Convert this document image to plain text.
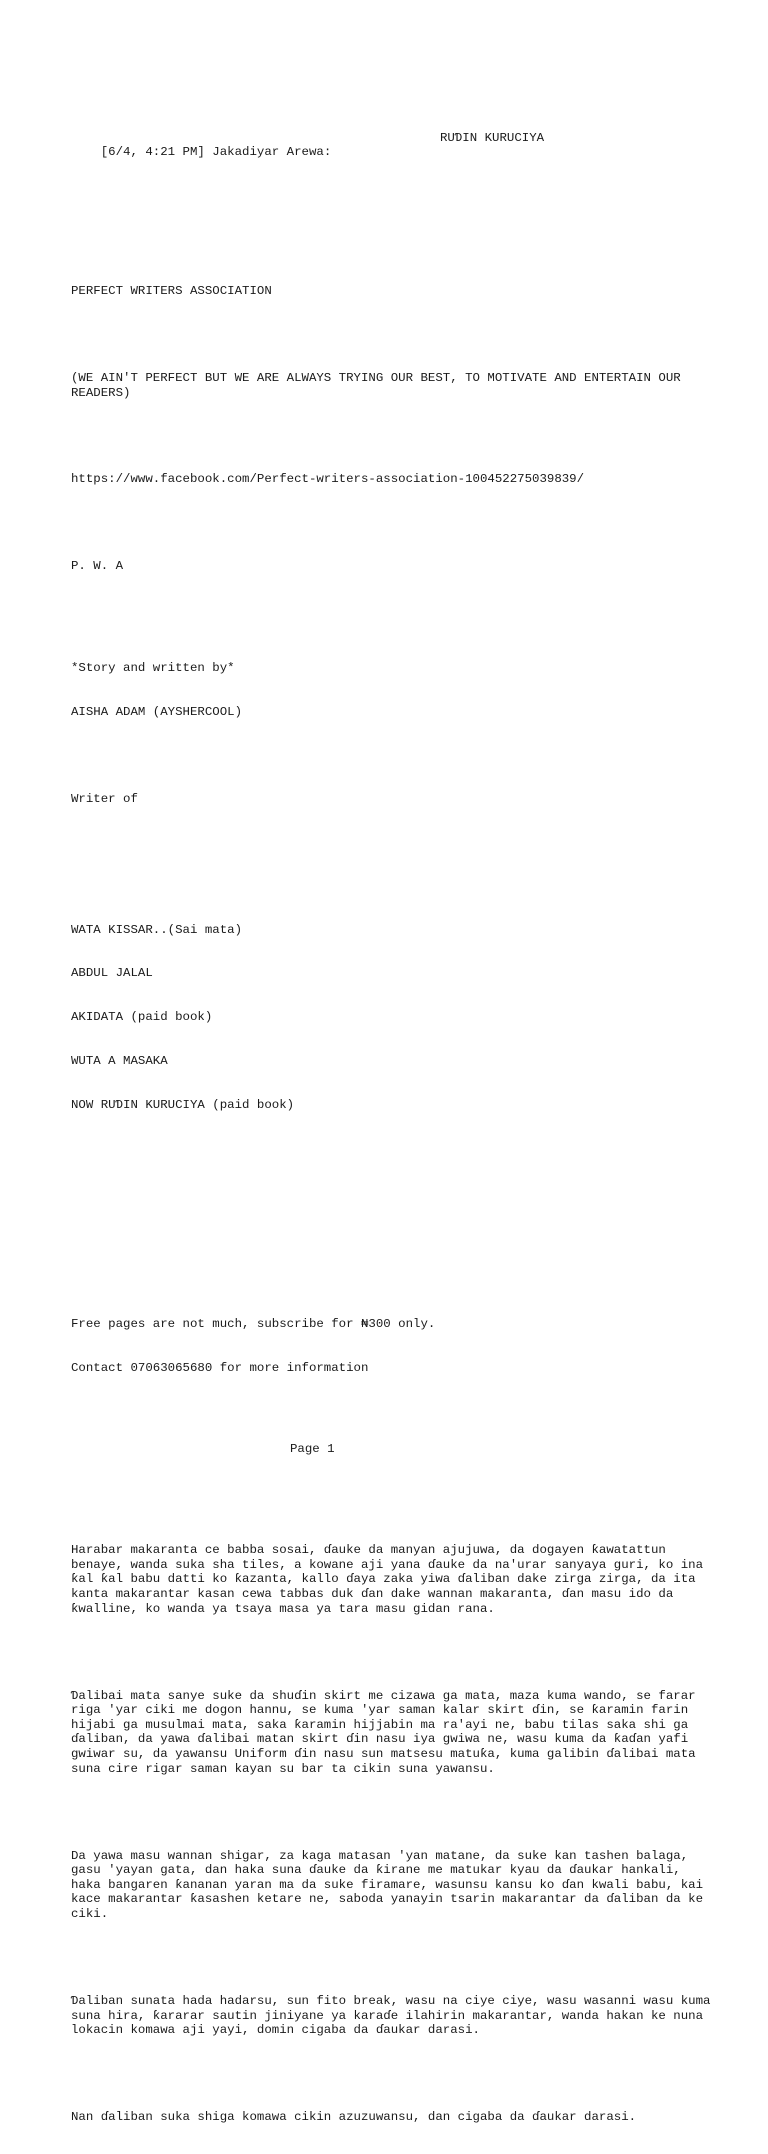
[6/4, 4:21 PM] Jakadiyar Arewa:

RUƊIN KURUCIYA

PERFECT WRITERS ASSOCIATION

(WE AIN'T PERFECT BUT WE ARE ALWAYS TRYING OUR BEST, TO MOTIVATE AND ENTERTAIN OUR READERS)

https://www.facebook.com/Perfect-writers-association-100452275039839/

P. W. A

*Story and written by*

AISHA ADAM (AYSHERCOOL)

Writer of

WATA KISSAR..(Sai mata)

ABDUL JALAL

AKIDATA (paid book)

WUTA A MASAKA

NOW RUƊIN KURUCIYA (paid book)

Free pages are not much, subscribe for ₦300 only.

Contact 07063065680 for more information

Page 1

Harabar makaranta ce babba sosai, ɗauke da manyan ajujuwa, da dogayen ƙawatattun benaye, wanda suka sha tiles, a kowane aji yana ɗauke da na'urar sanyaya guri, ko ina ƙal ƙal babu datti ko ƙazanta, kallo ɗaya zaka yiwa ɗaliban dake zirga zirga, da ita kanta makarantar kasan cewa tabbas duk ɗan dake wannan makaranta, ɗan masu ido da ƙwalline, ko wanda ya tsaya masa ya tara masu gidan rana.

Ɗalibai mata sanye suke da shuɗin skirt me cizawa ga mata, maza kuma wando, se farar riga 'yar ciki me dogon hannu, se kuma 'yar saman kalar skirt ɗin, se ƙaramin farin hijabi ga musulmai mata, saka ƙaramin hijjabin ma ra'ayi ne, babu tilas saka shi ga ɗaliban, da yawa ɗalibai matan skirt ɗin nasu iya gwiwa ne, wasu kuma da ƙaɗan yafi gwiwar su, da yawansu Uniform ɗin nasu sun matsesu matuƙa, kuma galibin ɗalibai mata suna cire rigar saman kayan su bar ta cikin suna yawansu.

Da yawa masu wannan shigar, za kaga matasan 'yan matane, da suke kan tashen balaga, gasu 'yayan gata, dan haka suna ɗauke da ƙirane me matukar kyau da ɗaukar hankali, haka bangaren ƙananan yaran ma da suke firamare, wasunsu kansu ko ɗan kwali babu, kai kace makarantar ƙasashen ketare ne, saboda yanayin tsarin makarantar da ɗaliban da ke ciki.

Ɗaliban sunata hada hadarsu, sun fito break, wasu na ciye ciye, wasu wasanni wasu kuma suna hira, ƙararar sautin jiniyane ya karaɗe ilahirin makarantar, wanda hakan ke nuna lokacin komawa aji yayi, domin cigaba da ɗaukar darasi.

Nan ɗaliban suka shiga komawa cikin azuzuwansu, dan cigaba da ɗaukar darasi.
